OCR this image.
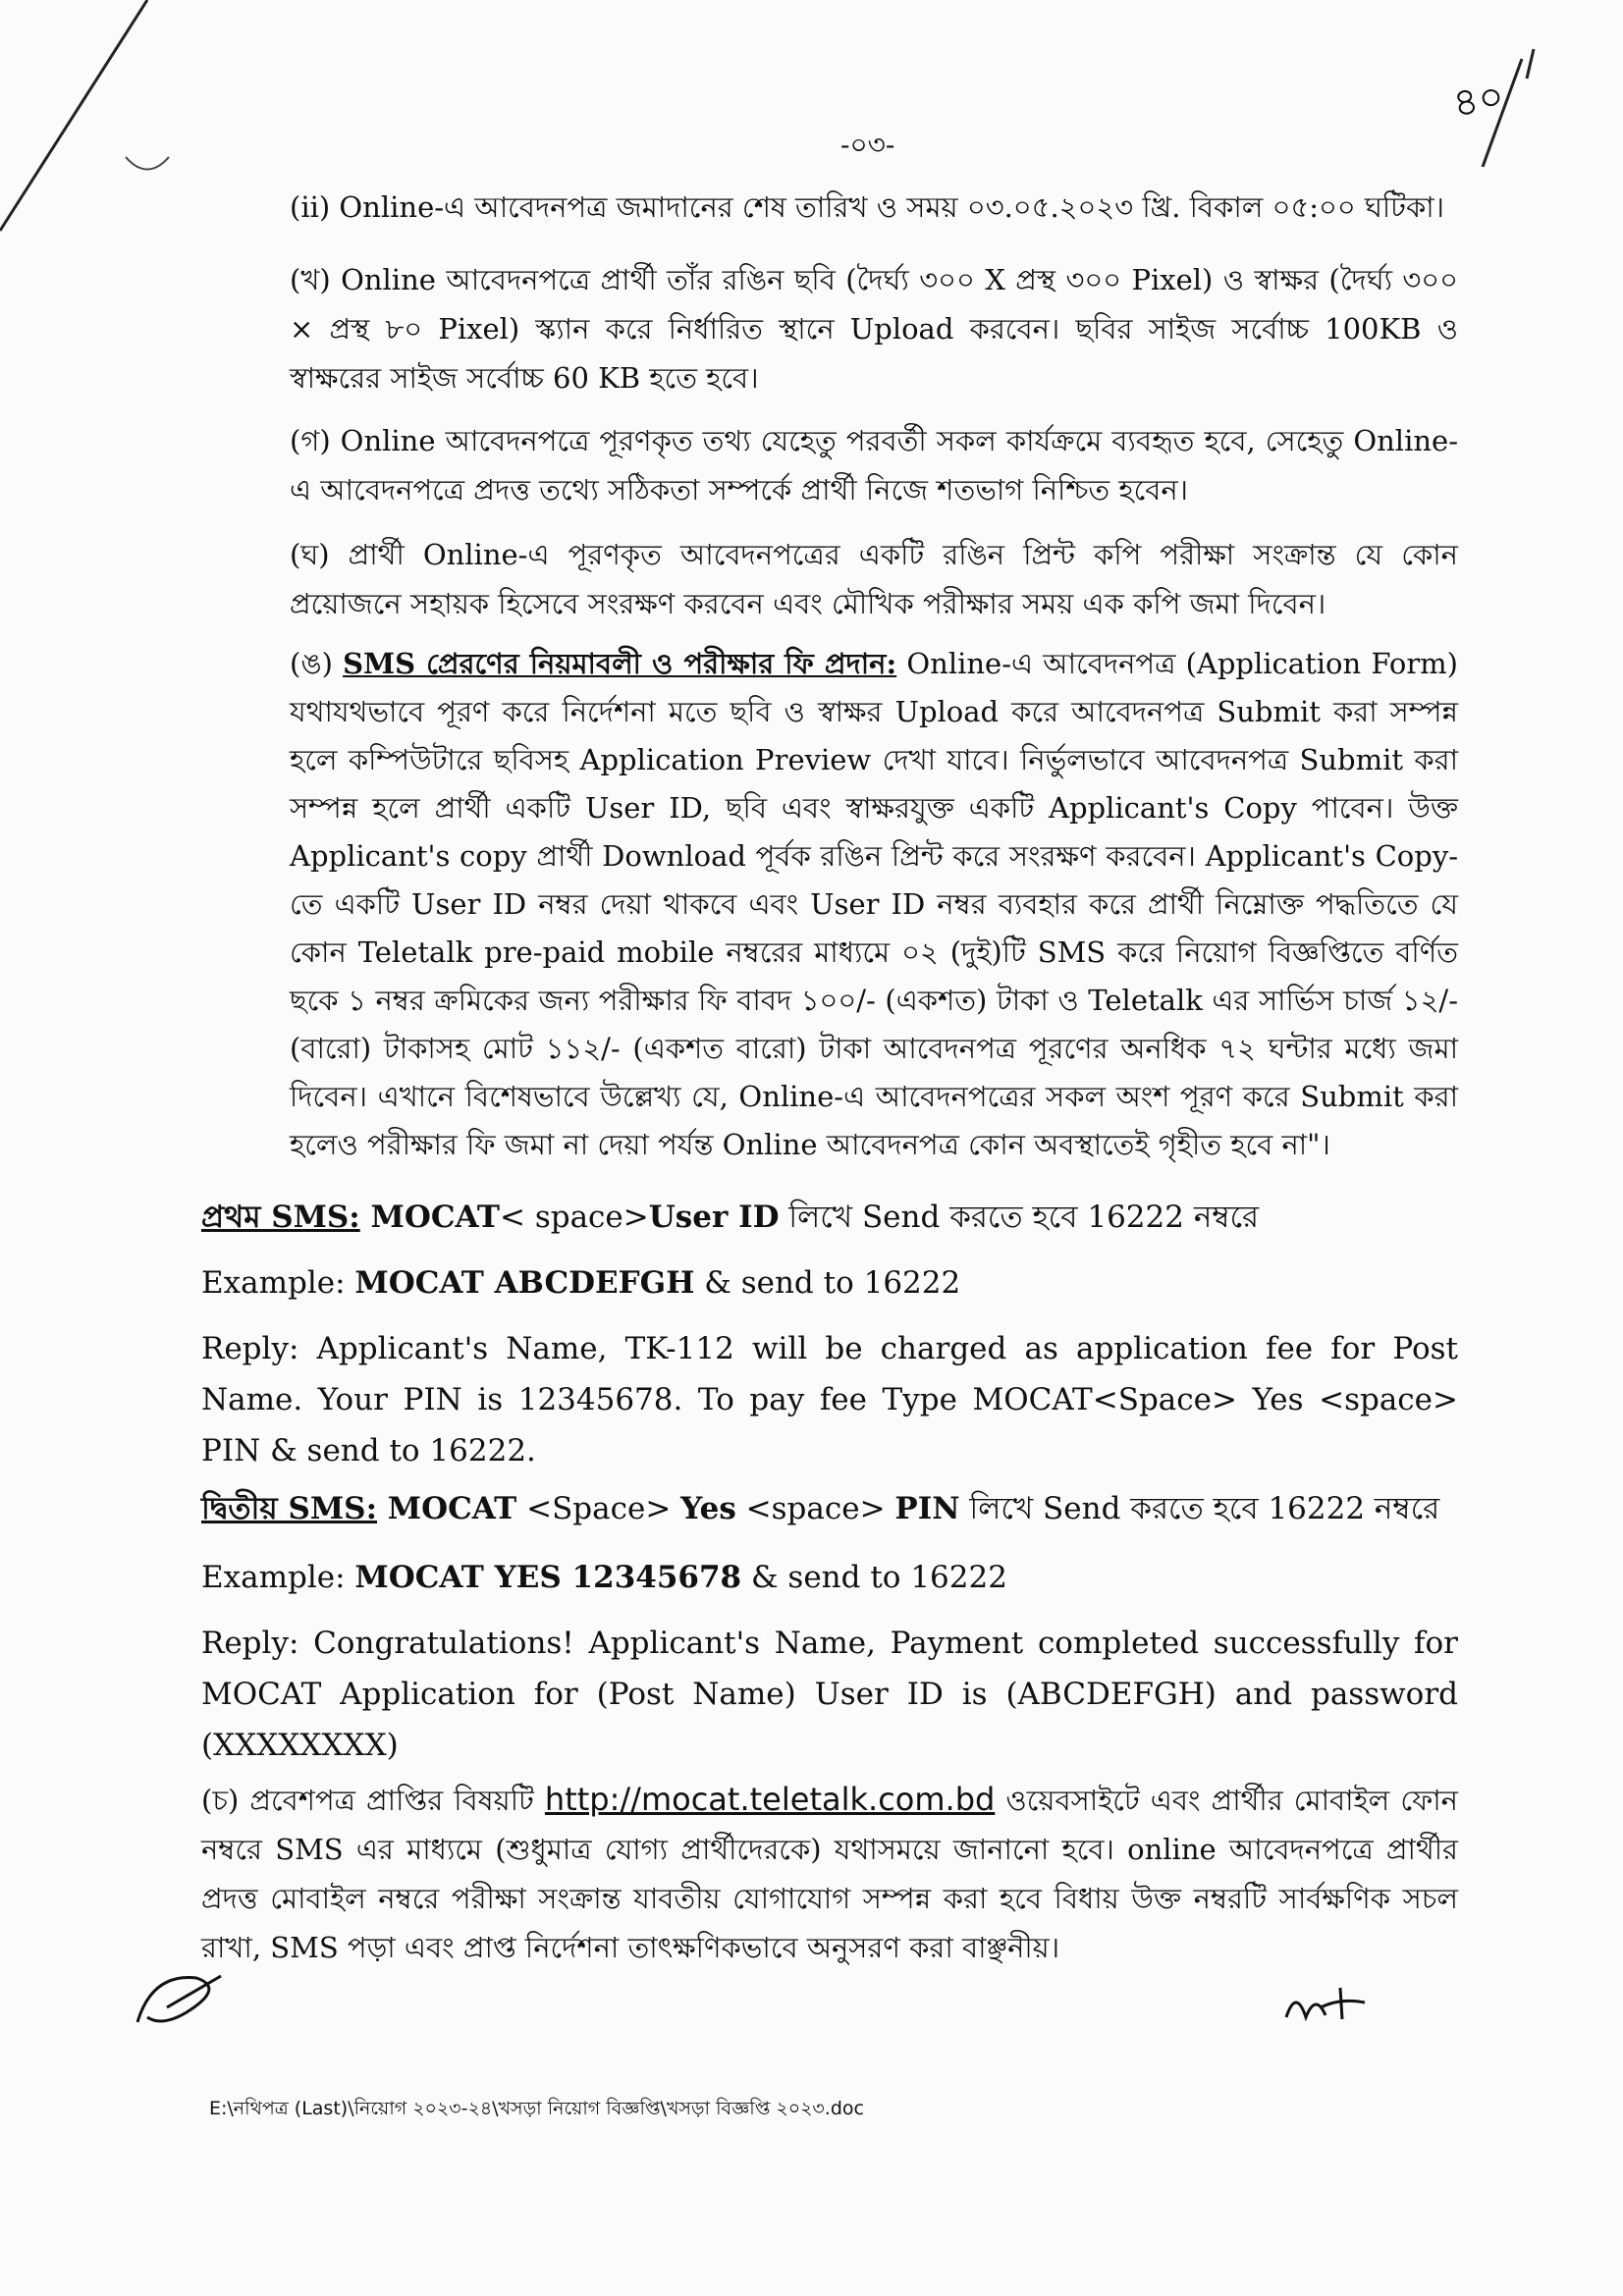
৪০
-০৩-

(ii) Online-এ আবেদনপত্র জমাদানের শেষ তারিখ ও সময় ০৩.০৫.২০২৩ খ্রি. বিকাল ০৫:০০ ঘটিকা।

(খ) Online আবেদনপত্রে প্রার্থী তাঁর রঙিন ছবি (দৈর্ঘ্য ৩০০ X প্রস্থ ৩০০ Pixel) ও স্বাক্ষর (দৈর্ঘ্য ৩০০ × প্রস্থ ৮০ Pixel) স্ক্যান করে নির্ধারিত স্থানে Upload করবেন। ছবির সাইজ সর্বোচ্চ 100KB ও স্বাক্ষরের সাইজ সর্বোচ্চ 60 KB হতে হবে।

(গ) Online আবেদনপত্রে পূরণকৃত তথ্য যেহেতু পরবর্তী সকল কার্যক্রমে ব্যবহৃত হবে, সেহেতু Online-এ আবেদনপত্রে প্রদত্ত তথ্যে সঠিকতা সম্পর্কে প্রার্থী নিজে শতভাগ নিশ্চিত হবেন।

(ঘ) প্রার্থী Online-এ পূরণকৃত আবেদনপত্রের একটি রঙিন প্রিন্ট কপি পরীক্ষা সংক্রান্ত যে কোন প্রয়োজনে সহায়ক হিসেবে সংরক্ষণ করবেন এবং মৌখিক পরীক্ষার সময় এক কপি জমা দিবেন।

(ঙ) SMS প্রেরণের নিয়মাবলী ও পরীক্ষার ফি প্রদান: Online-এ আবেদনপত্র (Application Form) যথাযথভাবে পূরণ করে নির্দেশনা মতে ছবি ও স্বাক্ষর Upload করে আবেদনপত্র Submit করা সম্পন্ন হলে কম্পিউটারে ছবিসহ Application Preview দেখা যাবে। নির্ভুলভাবে আবেদনপত্র Submit করা সম্পন্ন হলে প্রার্থী একটি User ID, ছবি এবং স্বাক্ষরযুক্ত একটি Applicant's Copy পাবেন। উক্ত Applicant's copy প্রার্থী Download পূর্বক রঙিন প্রিন্ট করে সংরক্ষণ করবেন। Applicant's Copy-তে একটি User ID নম্বর দেয়া থাকবে এবং User ID নম্বর ব্যবহার করে প্রার্থী নিম্নোক্ত পদ্ধতিতে যে কোন Teletalk pre-paid mobile নম্বরের মাধ্যমে ০২ (দুই)টি SMS করে নিয়োগ বিজ্ঞপ্তিতে বর্ণিত ছকে ১ নম্বর ক্রমিকের জন্য পরীক্ষার ফি বাবদ ১০০/- (একশত) টাকা ও Teletalk এর সার্ভিস চার্জ ১২/- (বারো) টাকাসহ মোট ১১২/- (একশত বারো) টাকা আবেদনপত্র পূরণের অনধিক ৭২ ঘন্টার মধ্যে জমা দিবেন। এখানে বিশেষভাবে উল্লেখ্য যে, Online-এ আবেদনপত্রের সকল অংশ পূরণ করে Submit করা হলেও পরীক্ষার ফি জমা না দেয়া পর্যন্ত Online আবেদনপত্র কোন অবস্থাতেই গৃহীত হবে না"।

প্রথম SMS: MOCAT< space>User ID লিখে Send করতে হবে 16222 নম্বরে

Example: MOCAT ABCDEFGH & send to 16222

Reply: Applicant's Name, TK-112 will be charged as application fee for Post Name. Your PIN is 12345678. To pay fee Type MOCAT<Space> Yes <space> PIN & send to 16222.

দ্বিতীয় SMS: MOCAT <Space> Yes <space> PIN লিখে Send করতে হবে 16222 নম্বরে

Example: MOCAT YES 12345678 & send to 16222

Reply: Congratulations! Applicant's Name, Payment completed successfully for MOCAT Application for (Post Name) User ID is (ABCDEFGH) and password (XXXXXXXX)

(চ) প্রবেশপত্র প্রাপ্তির বিষয়টি http://mocat.teletalk.com.bd ওয়েবসাইটে এবং প্রার্থীর মোবাইল ফোন নম্বরে SMS এর মাধ্যমে (শুধুমাত্র যোগ্য প্রার্থীদেরকে) যথাসময়ে জানানো হবে। online আবেদনপত্রে প্রার্থীর প্রদত্ত মোবাইল নম্বরে পরীক্ষা সংক্রান্ত যাবতীয় যোগাযোগ সম্পন্ন করা হবে বিধায় উক্ত নম্বরটি সার্বক্ষণিক সচল রাখা, SMS পড়া এবং প্রাপ্ত নির্দেশনা তাৎক্ষণিকভাবে অনুসরণ করা বাঞ্ছনীয়।

E:\নথিপত্র (Last)\নিয়োগ ২০২৩-২৪\খসড়া নিয়োগ বিজ্ঞপ্তি\খসড়া বিজ্ঞপ্তি ২০২৩.doc
